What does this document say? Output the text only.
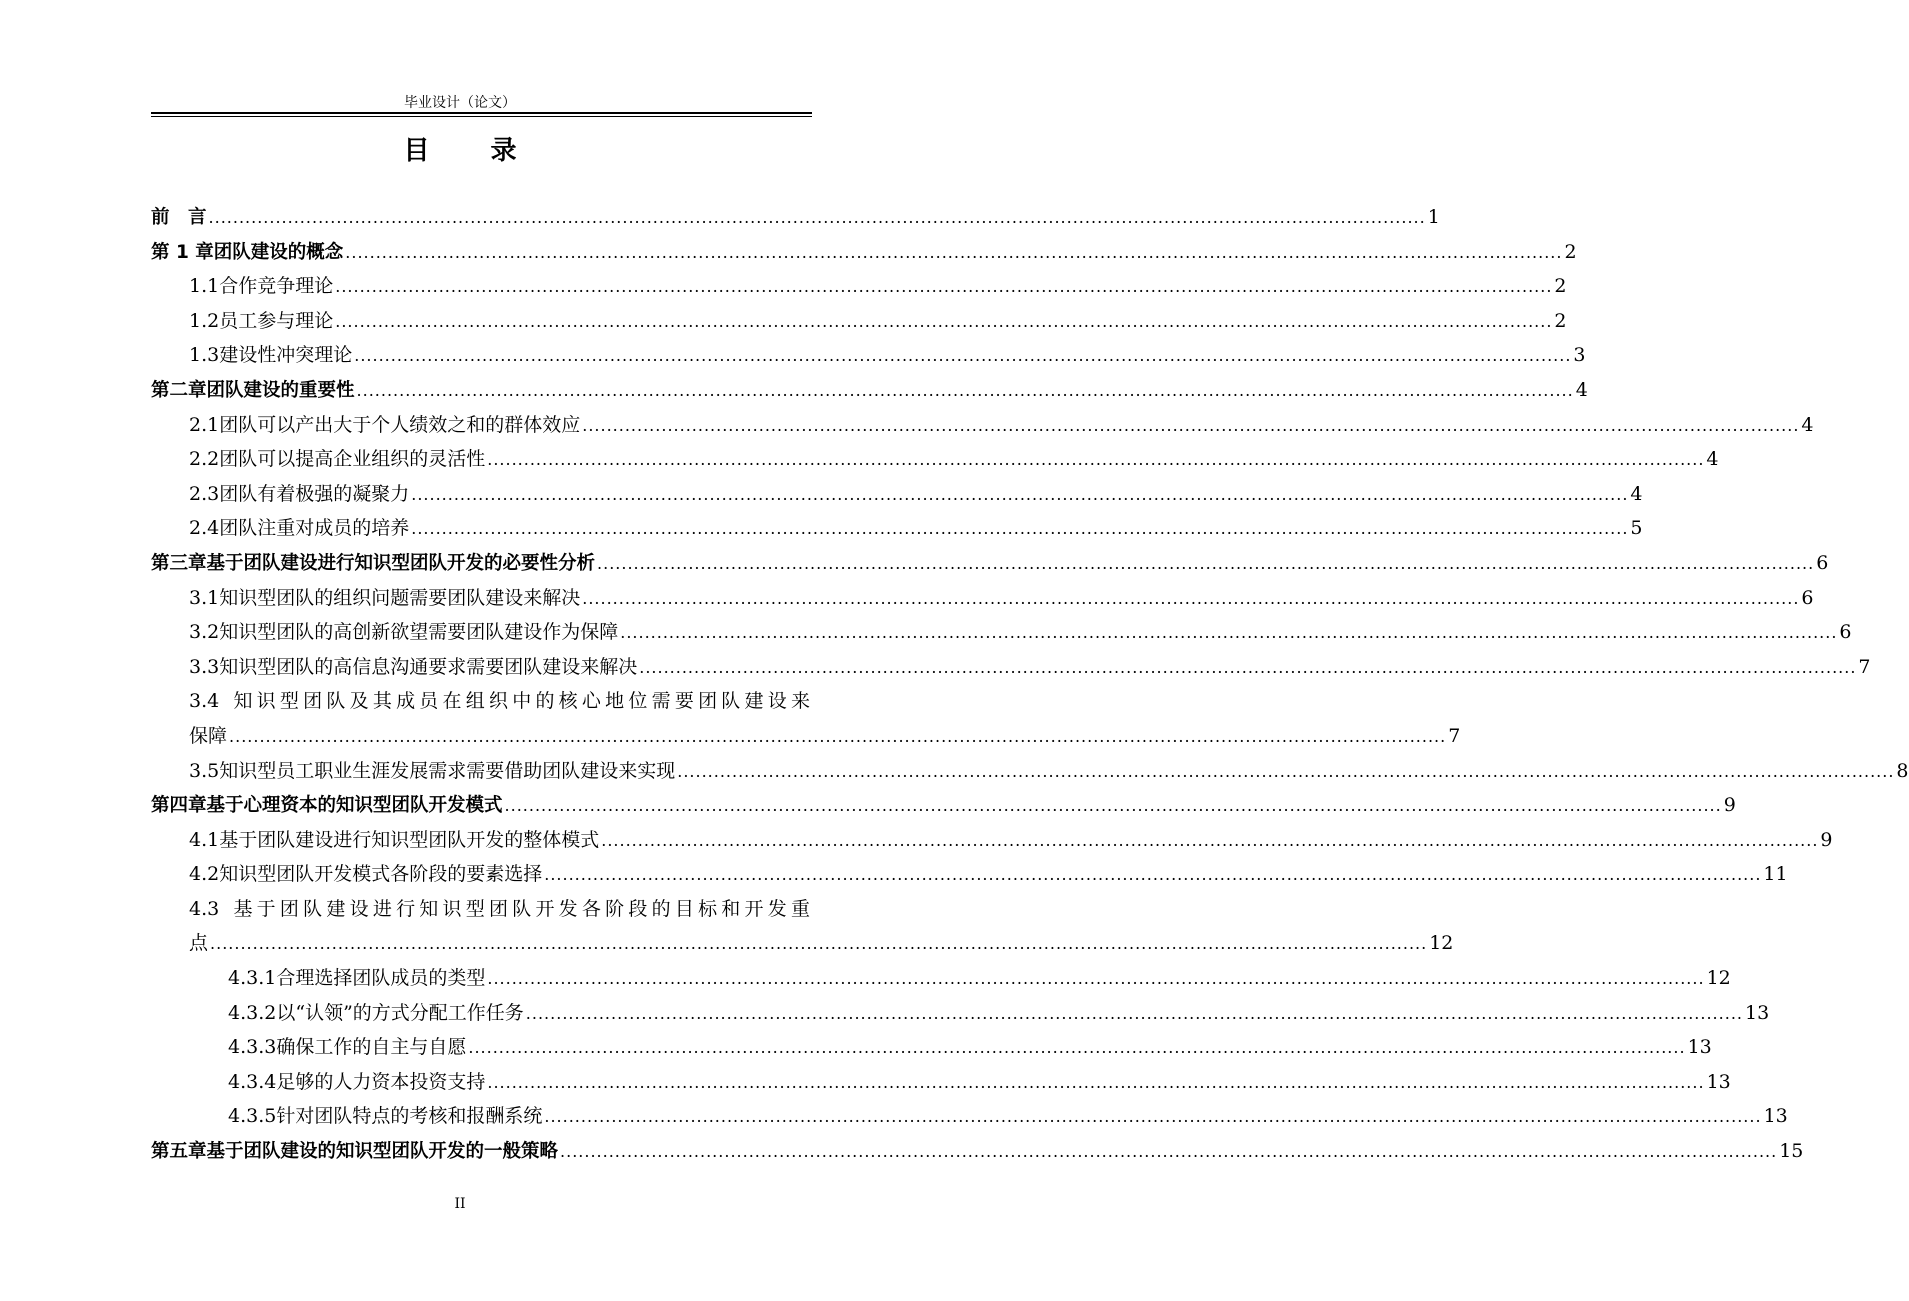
毕业设计（论文）
目 录
前　言 ........................................................................................................................................................................................................ 1
第 1 章 团队建设的概念 ........................................................................................................................................................................................................ 2
1.1 合作竞争理论 ........................................................................................................................................................................................................ 2
1.2 员工参与理论 ........................................................................................................................................................................................................ 2
1.3 建设性冲突理论 ........................................................................................................................................................................................................ 3
第二章 团队建设的重要性 ........................................................................................................................................................................................................ 4
2.1 团队可以产出大于个人绩效之和的群体效应 ........................................................................................................................................................................................................ 4
2.2 团队可以提高企业组织的灵活性 ........................................................................................................................................................................................................ 4
2.3 团队有着极强的凝聚力 ........................................................................................................................................................................................................ 4
2.4 团队注重对成员的培养 ........................................................................................................................................................................................................ 5
第三章 基于团队建设进行知识型团队开发的必要性分析 ........................................................................................................................................................................................................ 6
3.1 知识型团队的组织问题需要团队建设来解决 ........................................................................................................................................................................................................ 6
3.2 知识型团队的高创新欲望需要团队建设作为保障 ........................................................................................................................................................................................................ 6
3.3 知识型团队的高信息沟通要求需要团队建设来解决 ........................................................................................................................................................................................................ 7
3.4 知识型团队及其成员在组织中的核心地位需要团队建设来
保障 ........................................................................................................................................................................................................ 7
3.5 知识型员工职业生涯发展需求需要借助团队建设来实现 ........................................................................................................................................................................................................ 8
第四章 基于心理资本的知识型团队开发模式 ........................................................................................................................................................................................................ 9
4.1 基于团队建设进行知识型团队开发的整体模式 ........................................................................................................................................................................................................ 9
4.2 知识型团队开发模式各阶段的要素选择 ........................................................................................................................................................................................................ 11
4.3 基于团队建设进行知识型团队开发各阶段的目标和开发重
点 ........................................................................................................................................................................................................ 12
4.3.1 合理选择团队成员的类型 ........................................................................................................................................................................................................ 12
4.3.2 以“认领”的方式分配工作任务 ........................................................................................................................................................................................................ 13
4.3.3 确保工作的自主与自愿 ........................................................................................................................................................................................................ 13
4.3.4 足够的人力资本投资支持 ........................................................................................................................................................................................................ 13
4.3.5 针对团队特点的考核和报酬系统 ........................................................................................................................................................................................................ 13
第五章 基于团队建设的知识型团队开发的一般策略 ........................................................................................................................................................................................................ 15
II
